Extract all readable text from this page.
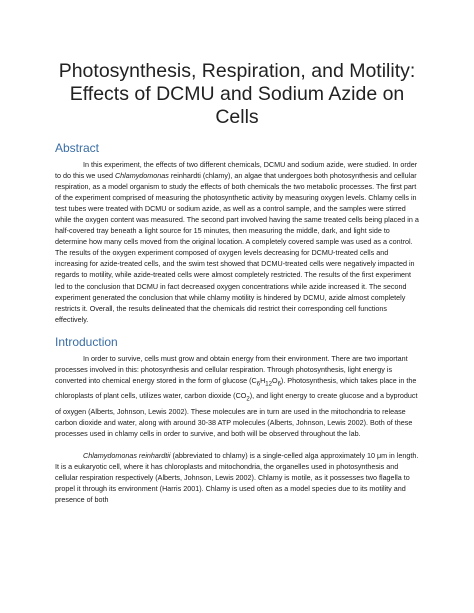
Photosynthesis, Respiration, and Motility: Effects of DCMU and Sodium Azide on Cells
Abstract

In this experiment, the effects of two different chemicals, DCMU and sodium azide, were studied. In order to do this we used Chlamydomonas reinhardti (chlamy), an algae that undergoes both photosynthesis and cellular respiration, as a model organism to study the effects of both chemicals the two metabolic processes. The first part of the experiment comprised of measuring the photosynthetic activity by measuring oxygen levels. Chlamy cells in test tubes were treated with DCMU or sodium azide, as well as a control sample, and the samples were stirred while the oxygen content was measured. The second part involved having the same treated cells being placed in a half-covered tray beneath a light source for 15 minutes, then measuring the middle, dark, and light side to determine how many cells moved from the original location. A completely covered sample was used as a control. The results of the oxygen experiment composed of oxygen levels decreasing for DCMU-treated cells and increasing for azide-treated cells, and the swim test showed that DCMU-treated cells were negatively impacted in regards to motility, while azide-treated cells were almost completely restricted. The results of the first experiment led to the conclusion that DCMU in fact decreased oxygen concentrations while azide increased it. The second experiment generated the conclusion that while chlamy motility is hindered by DCMU, azide almost completely restricts it. Overall, the results delineated that the chemicals did restrict their corresponding cell functions effectively.

Introduction

In order to survive, cells must grow and obtain energy from their environment. There are two important processes involved in this: photosynthesis and cellular respiration. Through photosynthesis, light energy is converted into chemical energy stored in the form of glucose $(C_6H_{12}O_6)$. Photosynthesis, which takes place in the chloroplasts of plant cells, utilizes water, carbon dioxide $(CO_2)$, and light energy to create glucose and a byproduct of oxygen (Alberts, Johnson, Lewis 2002). These molecules are in turn are used in the mitochondria to release carbon dioxide and water, along with around 30-38 ATP molecules (Alberts, Johnson, Lewis 2002). Both of these processes used in chlamy cells in order to survive, and both will be observed throughout the lab.

Chlamydomonas reinhardtii (abbreviated to chlamy) is a single-celled alga approximately 10 μm in length. It is a eukaryotic cell, where it has chloroplasts and mitochondria, the organelles used in photosynthesis and cellular respiration respectively (Alberts, Johnson, Lewis 2002). Chlamy is motile, as it possesses two flagella to propel it through its environment (Harris 2001). Chlamy is used often as a model species due to its motility and presence of both
